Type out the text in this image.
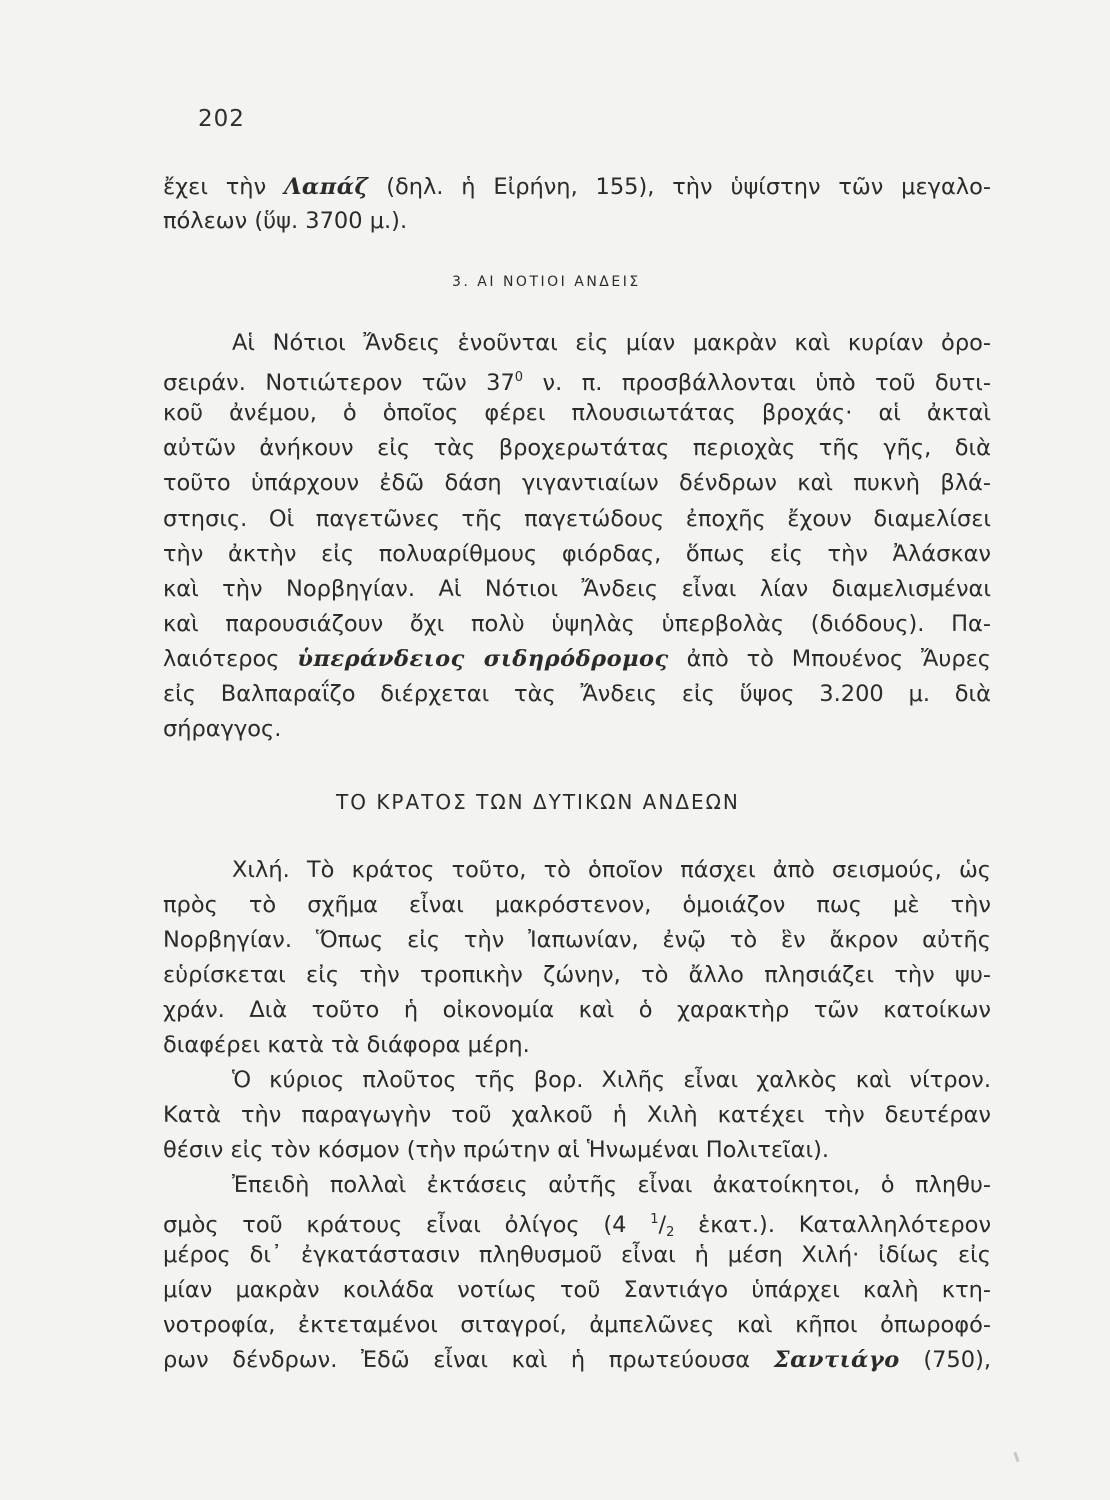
202
ἔχει τὴν Λαπάζ (δηλ. ἡ Εἰρήνη, 155), τὴν ὑψίστην τῶν μεγαλο-
πόλεων (ὕψ. 3700 μ.).
3. ΑΙ ΝΟΤΙΟΙ ΑΝΔΕΙΣ
Αἱ Νότιοι Ἄνδεις ἑνοῦνται εἰς μίαν μακρὰν καὶ κυρίαν ὀρο-
σειράν. Νοτιώτερον τῶν $37^0$ ν. π. προσβάλλονται ὑπὸ τοῦ δυτι-
κοῦ ἀνέμου, ὁ ὁποῖος φέρει πλουσιωτάτας βροχάς· αἱ ἀκταὶ
αὐτῶν ἀνήκουν εἰς τὰς βροχερωτάτας περιοχὰς τῆς γῆς, διὰ
τοῦτο ὑπάρχουν ἐδῶ δάση γιγαντιαίων δένδρων καὶ πυκνὴ βλά-
στησις. Οἱ παγετῶνες τῆς παγετώδους ἐποχῆς ἔχουν διαμελίσει
τὴν ἀκτὴν εἰς πολυαρίθμους φιόρδας, ὅπως εἰς τὴν Ἀλάσκαν
καὶ τὴν Νορβηγίαν. Αἱ Νότιοι Ἄνδεις εἶναι λίαν διαμελισμέναι
καὶ παρουσιάζουν ὄχι πολὺ ὑψηλὰς ὑπερβολὰς (διόδους). Πα-
λαιότερος ὑπεράνδειος σιδηρόδρομος ἀπὸ τὸ Μπουένος Ἄυρες
εἰς Βαλπαραΐζο διέρχεται τὰς Ἄνδεις εἰς ὕψος 3.200 μ. διὰ
σήραγγος.
ΤΟ ΚΡΑΤΟΣ ΤΩΝ ΔΥΤΙΚΩΝ ΑΝΔΕΩΝ
Χιλή. Τὸ κράτος τοῦτο, τὸ ὁποῖον πάσχει ἀπὸ σεισμούς, ὡς
πρὸς τὸ σχῆμα εἶναι μακρόστενον, ὁμοιάζον πως μὲ τὴν
Νορβηγίαν. Ὅπως εἰς τὴν Ἰαπωνίαν, ἐνῷ τὸ ἓν ἄκρον αὐτῆς
εὑρίσκεται εἰς τὴν τροπικὴν ζώνην, τὸ ἄλλο πλησιάζει τὴν ψυ-
χράν. Διὰ τοῦτο ἡ οἰκονομία καὶ ὁ χαρακτὴρ τῶν κατοίκων
διαφέρει κατὰ τὰ διάφορα μέρη.
Ὁ κύριος πλοῦτος τῆς βορ. Χιλῆς εἶναι χαλκὸς καὶ νίτρον.
Κατὰ τὴν παραγωγὴν τοῦ χαλκοῦ ἡ Χιλὴ κατέχει τὴν δευτέραν
θέσιν εἰς τὸν κόσμον (τὴν πρώτην αἱ Ἡνωμέναι Πολιτεῖαι).
Ἐπειδὴ πολλαὶ ἐκτάσεις αὐτῆς εἶναι ἀκατοίκητοι, ὁ πληθυ-
σμὸς τοῦ κράτους εἶναι ὀλίγος (4 $^1/_2$ ἑκατ.). Καταλληλότερον
μέρος δι᾽ ἐγκατάστασιν πληθυσμοῦ εἶναι ἡ μέση Χιλή· ἰδίως εἰς
μίαν μακρὰν κοιλάδα νοτίως τοῦ Σαντιάγο ὑπάρχει καλὴ κτη-
νοτροφία, ἐκτεταμένοι σιταγροί, ἀμπελῶνες καὶ κῆποι ὀπωροφό-
ρων δένδρων. Ἐδῶ εἶναι καὶ ἡ πρωτεύουσα Σαντιάγο (750),
